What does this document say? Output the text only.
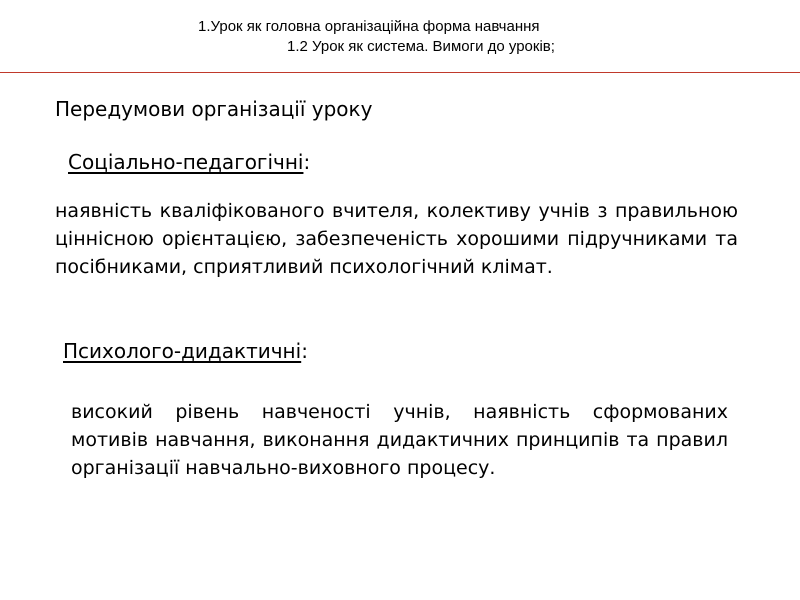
1.Урок як головна організаційна форма навчання
1.2 Урок як система. Вимоги до уроків;
Передумови організації уроку
Соціально-педагогічні:
наявність кваліфікованого вчителя, колективу учнів з правильною ціннісною орієнтацією, забезпеченість хорошими підручниками та посібниками, сприятливий психологічний клімат.
Психолого-дидактичні:
високий рівень навченості учнів, наявність сформованих мотивів навчання, виконання дидактичних принципів та правил організації навчально-виховного процесу.
